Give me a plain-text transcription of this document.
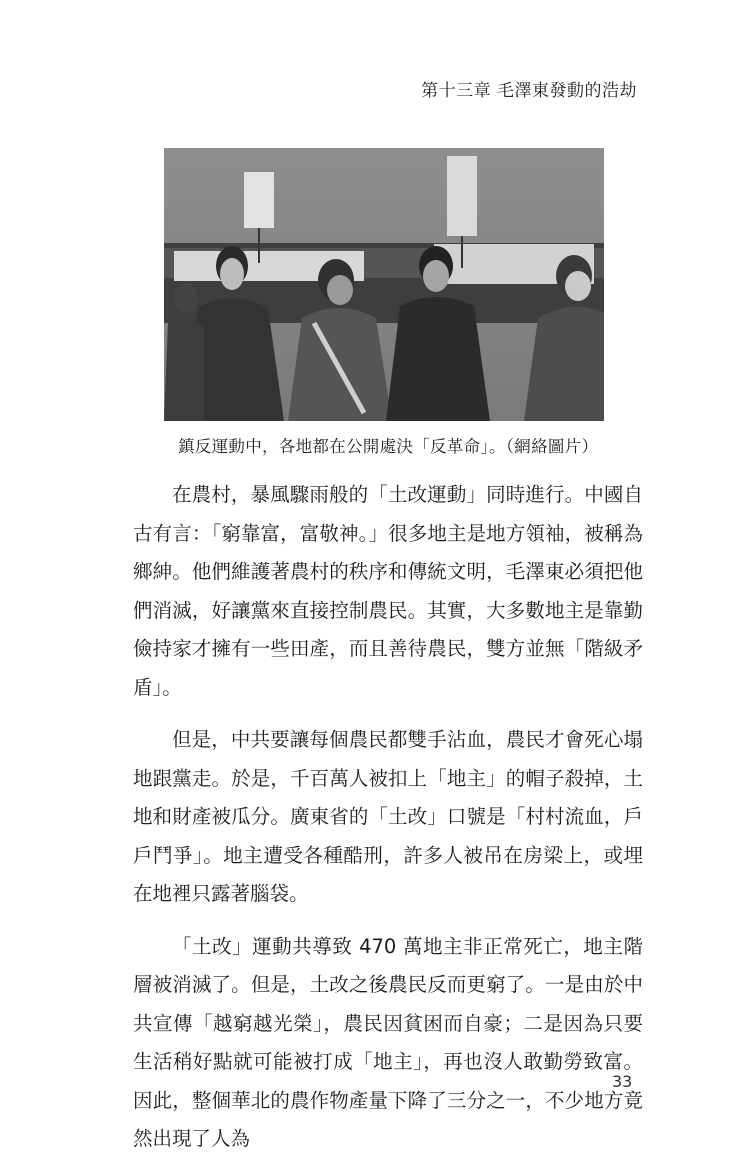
第十三章 毛澤東發動的浩劫
鎮反運動中，各地都在公開處決「反革命」。（網絡圖片）

在農村，暴風驟雨般的「土改運動」同時進行。中國自古有言：「窮靠富，富敬神。」很多地主是地方領袖，被稱為鄉紳。他們維護著農村的秩序和傳統文明，毛澤東必須把他們消滅，好讓黨來直接控制農民。其實，大多數地主是靠勤儉持家才擁有一些田產，而且善待農民，雙方並無「階級矛盾」。

但是，中共要讓每個農民都雙手沾血，農民才會死心塌地跟黨走。於是，千百萬人被扣上「地主」的帽子殺掉，土地和財產被瓜分。廣東省的「土改」口號是「村村流血，戶戶鬥爭」。地主遭受各種酷刑，許多人被吊在房梁上，或埋在地裡只露著腦袋。

「土改」運動共導致 470 萬地主非正常死亡，地主階層被消滅了。但是，土改之後農民反而更窮了。一是由於中共宣傳「越窮越光榮」，農民因貧困而自豪；二是因為只要生活稍好點就可能被打成「地主」，再也沒人敢勤勞致富。因此，整個華北的農作物產量下降了三分之一，不少地方竟然出現了人為

33
